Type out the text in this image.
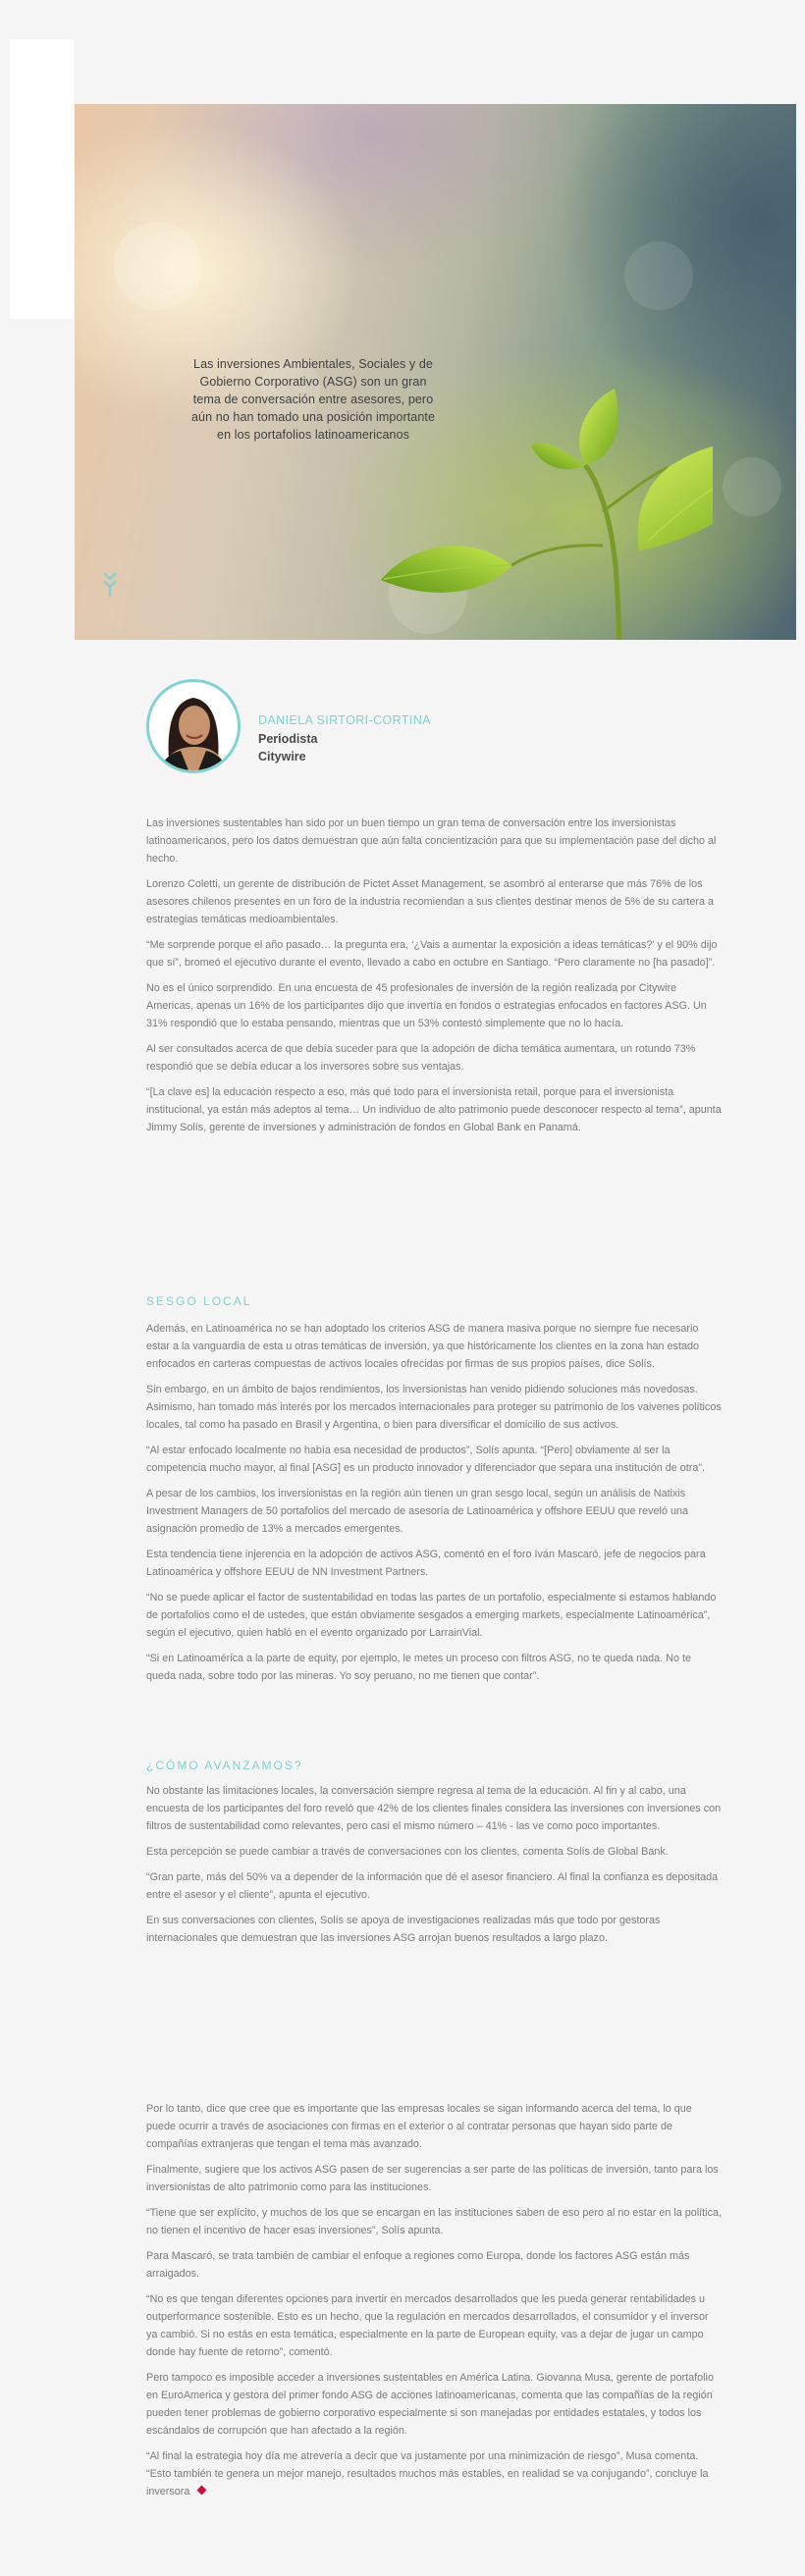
Las inversiones Ambientales, Sociales y de Gobierno Corporativo (ASG) son un gran tema de conversación entre asesores, pero aún no han tomado una posición importante en los portafolios latinoamericanos
DANIELA SIRTORI-CORTINA
Periodista
Citywire

Las inversiones sustentables han sido por un buen tiempo un gran tema de conversación entre los inversionistas latinoamericanos, pero los datos demuestran que aún falta concientización para que su implementación pase del dicho al hecho.

Lorenzo Coletti, un gerente de distribución de Pictet Asset Management, se asombró al enterarse que más 76% de los asesores chilenos presentes en un foro de la industria recomiendan a sus clientes destinar menos de 5% de su cartera a estrategias temáticas medioambientales.

“Me sorprende porque el año pasado… la pregunta era, ‘¿Vais a aumentar la exposición a ideas temáticas?’ y el 90% dijo que sí”, bromeó el ejecutivo durante el evento, llevado a cabo en octubre en Santiago. “Pero claramente no [ha pasado]”.

No es el único sorprendido. En una encuesta de 45 profesionales de inversión de la región realizada por Citywire Americas, apenas un 16% de los participantes dijo que invertía en fondos o estrategias enfocados en factores ASG. Un 31% respondió que lo estaba pensando, mientras que un 53% contestó simplemente que no lo hacía.

Al ser consultados acerca de que debía suceder para que la adopción de dicha temática aumentara, un rotundo 73% respondió que se debía educar a los inversores sobre sus ventajas.

“[La clave es] la educación respecto a eso, más qué todo para el inversionista retail, porque para el inversionista institucional, ya están más adeptos al tema… Un individuo de alto patrimonio puede desconocer respecto al tema”, apunta Jimmy Solís, gerente de inversiones y administración de fondos en Global Bank en Panamá.

SESGO LOCAL

Además, en Latinoamérica no se han adoptado los criterios ASG de manera masiva porque no siempre fue necesario estar a la vanguardia de esta u otras temáticas de inversión, ya que históricamente los clientes en la zona han estado enfocados en carteras compuestas de activos locales ofrecidas por firmas de sus propios países, dice Solís.

Sin embargo, en un ámbito de bajos rendimientos, los inversionistas han venido pidiendo soluciones más novedosas. Asimismo, han tomado más interés por los mercados internacionales para proteger su patrimonio de los vaivenes políticos locales, tal como ha pasado en Brasil y Argentina, o bien para diversificar el domicilio de sus activos.

“Al estar enfocado localmente no había esa necesidad de productos”, Solís apunta. “[Pero] obviamente al ser la competencia mucho mayor, al final [ASG] es un producto innovador y diferenciador que separa una institución de otra”.

A pesar de los cambios, los inversionistas en la región aún tienen un gran sesgo local, según un análisis de Natixis Investment Managers de 50 portafolios del mercado de asesoría de Latinoamérica y offshore EEUU que reveló una asignación promedio de 13% a mercados emergentes.

Esta tendencia tiene injerencia en la adopción de activos ASG, comentó en el foro Iván Mascaró, jefe de negocios para Latinoamérica y offshore EEUU de NN Investment Partners.

“No se puede aplicar el factor de sustentabilidad en todas las partes de un portafolio, especialmente si estamos hablando de portafolios como el de ustedes, que están obviamente sesgados a emerging markets, especialmente Latinoamérica”, según el ejecutivo, quien habló en el evento organizado por LarrainVial.

“Si en Latinoamérica a la parte de equity, por ejemplo, le metes un proceso con filtros ASG, no te queda nada. No te queda nada, sobre todo por las mineras. Yo soy peruano, no me tienen que contar”.

¿CÓMO AVANZAMOS?

No obstante las limitaciones locales, la conversación siempre regresa al tema de la educación. Al fin y al cabo, una encuesta de los participantes del foro reveló que 42% de los clientes finales considera las inversiones con inversiones con filtros de sustentabilidad como relevantes, pero casi el mismo número – 41% - las ve como poco importantes.

Esta percepción se puede cambiar a través de conversaciones con los clientes, comenta Solís de Global Bank.

“Gran parte, más del 50% va a depender de la información que dé el asesor financiero. Al final la confianza es depositada entre el asesor y el cliente”, apunta el ejecutivo.

En sus conversaciones con clientes, Solís se apoya de investigaciones realizadas más que todo por gestoras internacionales que demuestran que las inversiones ASG arrojan buenos resultados a largo plazo.

Por lo tanto, dice que cree que es importante que las empresas locales se sigan informando acerca del tema, lo que puede ocurrir a través de asociaciones con firmas en el exterior o al contratar personas que hayan sido parte de compañías extranjeras que tengan el tema más avanzado.

Finalmente, sugiere que los activos ASG pasen de ser sugerencias a ser parte de las políticas de inversión, tanto para los inversionistas de alto patrimonio como para las instituciones.

“Tiene que ser explícito, y muchos de los que se encargan en las instituciones saben de eso pero al no estar en la política, no tienen el incentivo de hacer esas inversiones”, Solís apunta.

Para Mascaró, se trata también de cambiar el enfoque a regiones como Europa, donde los factores ASG están más arraigados.

“No es que tengan diferentes opciones para invertir en mercados desarrollados que les pueda generar rentabilidades u outperformance sostenible. Esto es un hecho, que la regulación en mercados desarrollados, el consumidor y el inversor ya cambió. Si no estás en esta temática, especialmente en la parte de European equity, vas a dejar de jugar un campo donde hay fuente de retorno”, comentó.

Pero tampoco es imposible acceder a inversiones sustentables en América Latina. Giovanna Musa, gerente de portafolio en EuroAmerica y gestora del primer fondo ASG de acciones latinoamericanas, comenta que las compañías de la región pueden tener problemas de gobierno corporativo especialmente si son manejadas por entidades estatales, y todos los escándalos de corrupción que han afectado a la región.

“Al final la estrategia hoy día me atrevería a decir que va justamente por una minimización de riesgo”, Musa comenta. “Esto también te genera un mejor manejo, resultados muchos más estables, en realidad se va conjugando”, concluye la inversora
